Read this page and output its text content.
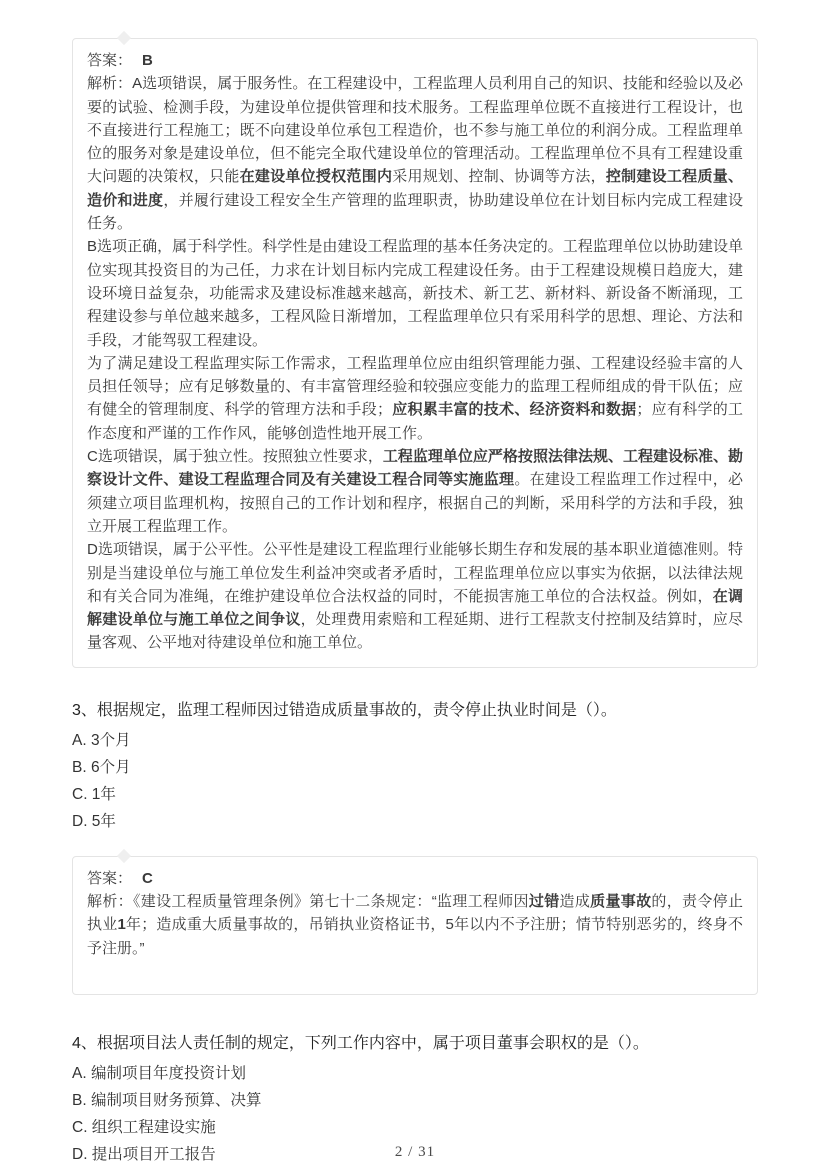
答案： B

解析：A选项错误，属于服务性。在工程建设中，工程监理人员利用自己的知识、技能和经验以及必要的试验、检测手段，为建设单位提供管理和技术服务。工程监理单位既不直接进行工程设计，也不直接进行工程施工；既不向建设单位承包工程造价，也不参与施工单位的利润分成。工程监理单位的服务对象是建设单位，但不能完全取代建设单位的管理活动。工程监理单位不具有工程建设重大问题的决策权，只能在建设单位授权范围内采用规划、控制、协调等方法，控制建设工程质量、造价和进度，并履行建设工程安全生产管理的监理职责，协助建设单位在计划目标内完成工程建设任务。

B选项正确，属于科学性。科学性是由建设工程监理的基本任务决定的。工程监理单位以协助建设单位实现其投资目的为己任，力求在计划目标内完成工程建设任务。由于工程建设规模日趋庞大，建设环境日益复杂，功能需求及建设标准越来越高，新技术、新工艺、新材料、新设备不断涌现，工程建设参与单位越来越多，工程风险日渐增加，工程监理单位只有采用科学的思想、理论、方法和手段，才能驾驭工程建设。

为了满足建设工程监理实际工作需求，工程监理单位应由组织管理能力强、工程建设经验丰富的人员担任领导；应有足够数量的、有丰富管理经验和较强应变能力的监理工程师组成的骨干队伍；应有健全的管理制度、科学的管理方法和手段；应积累丰富的技术、经济资料和数据；应有科学的工作态度和严谨的工作作风，能够创造性地开展工作。

C选项错误，属于独立性。按照独立性要求，工程监理单位应严格按照法律法规、工程建设标准、勘察设计文件、建设工程监理合同及有关建设工程合同等实施监理。在建设工程监理工作过程中，必须建立项目监理机构，按照自己的工作计划和程序，根据自己的判断，采用科学的方法和手段，独立开展工程监理工作。

D选项错误，属于公平性。公平性是建设工程监理行业能够长期生存和发展的基本职业道德准则。特别是当建设单位与施工单位发生利益冲突或者矛盾时，工程监理单位应以事实为依据，以法律法规和有关合同为准绳，在维护建设单位合法权益的同时，不能损害施工单位的合法权益。例如，在调解建设单位与施工单位之间争议，处理费用索赔和工程延期、进行工程款支付控制及结算时，应尽量客观、公平地对待建设单位和施工单位。

3、根据规定，监理工程师因过错造成质量事故的，责令停止执业时间是（）。
A. 3个月
B. 6个月
C. 1年
D. 5年
答案： C

解析：《建设工程质量管理条例》第七十二条规定：“监理工程师因过错造成质量事故的，责令停止执业1年；造成重大质量事故的，吊销执业资格证书，5年以内不予注册；情节特别恶劣的，终身不予注册。”

4、根据项目法人责任制的规定，下列工作内容中，属于项目董事会职权的是（）。
A. 编制项目年度投资计划
B. 编制项目财务预算、决算
C. 组织工程建设实施
D. 提出项目开工报告	2 / 31
